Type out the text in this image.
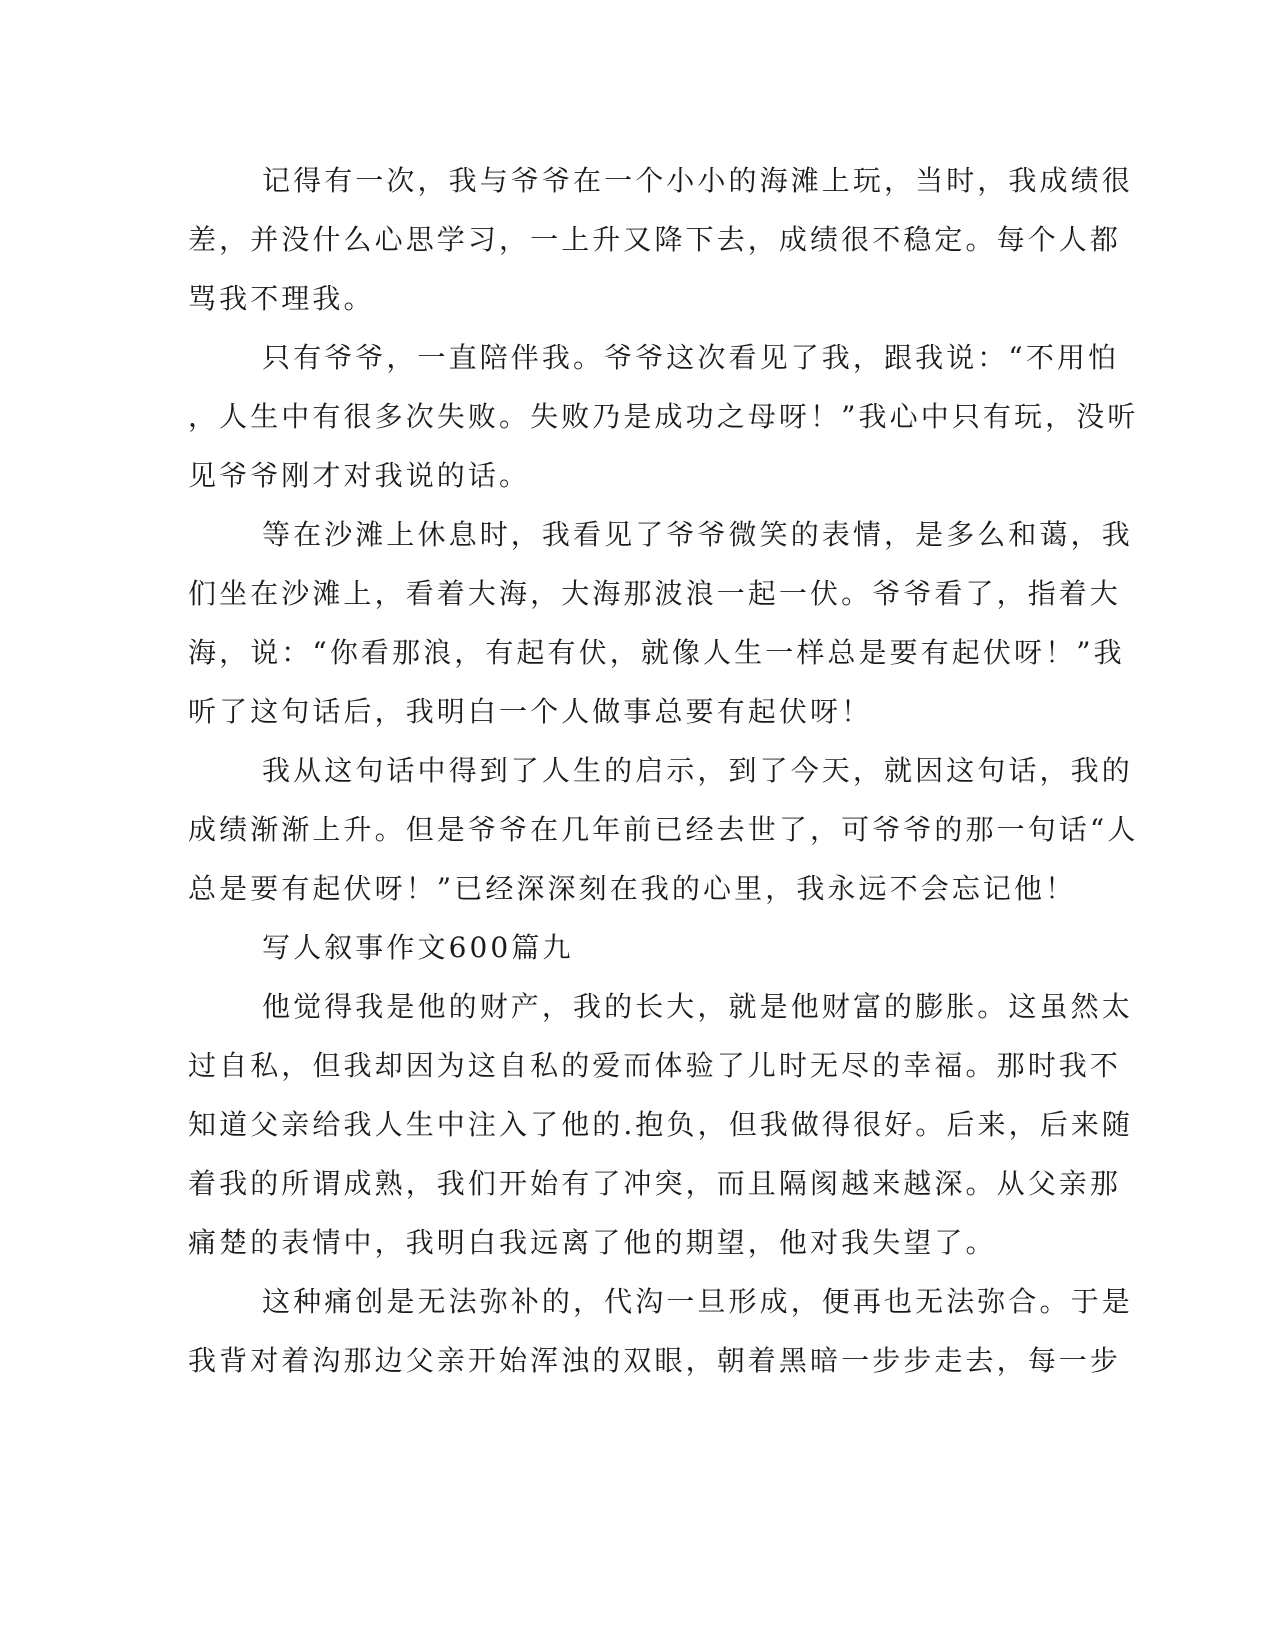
记得有一次，我与爷爷在一个小小的海滩上玩，当时，我成绩很
差，并没什么心思学习，一上升又降下去，成绩很不稳定。每个人都
骂我不理我。
只有爷爷，一直陪伴我。爷爷这次看见了我，跟我说：“不用怕
，人生中有很多次失败。失败乃是成功之母呀！”我心中只有玩，没听
见爷爷刚才对我说的话。
等在沙滩上休息时，我看见了爷爷微笑的表情，是多么和蔼，我
们坐在沙滩上，看着大海，大海那波浪一起一伏。爷爷看了，指着大
海，说：“你看那浪，有起有伏，就像人生一样总是要有起伏呀！”我
听了这句话后，我明白一个人做事总要有起伏呀！
我从这句话中得到了人生的启示，到了今天，就因这句话，我的
成绩渐渐上升。但是爷爷在几年前已经去世了，可爷爷的那一句话“人
总是要有起伏呀！”已经深深刻在我的心里，我永远不会忘记他！
写人叙事作文600篇九
他觉得我是他的财产，我的长大，就是他财富的膨胀。这虽然太
过自私，但我却因为这自私的爱而体验了儿时无尽的幸福。那时我不
知道父亲给我人生中注入了他的.抱负，但我做得很好。后来，后来随
着我的所谓成熟，我们开始有了冲突，而且隔阂越来越深。从父亲那
痛楚的表情中，我明白我远离了他的期望，他对我失望了。
这种痛创是无法弥补的，代沟一旦形成，便再也无法弥合。于是
我背对着沟那边父亲开始浑浊的双眼，朝着黑暗一步步走去，每一步
